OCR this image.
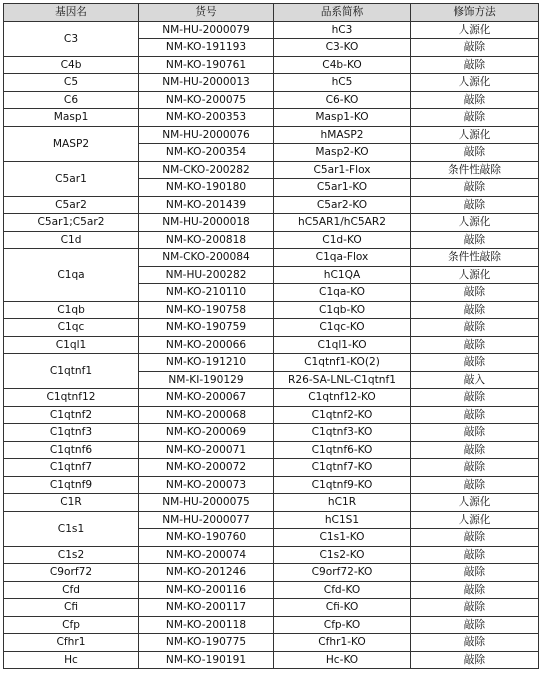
基因名	货号	品系简称	修饰方法
C3	NM-HU-2000079	hC3	人源化
	NM-KO-191193	C3-KO	敲除
C4b	NM-KO-190761	C4b-KO	敲除
C5	NM-HU-2000013	hC5	人源化
C6	NM-KO-200075	C6-KO	敲除
Masp1	NM-KO-200353	Masp1-KO	敲除
MASP2	NM-HU-2000076	hMASP2	人源化
	NM-KO-200354	Masp2-KO	敲除
C5ar1	NM-CKO-200282	C5ar1-Flox	条件性敲除
	NM-KO-190180	C5ar1-KO	敲除
C5ar2	NM-KO-201439	C5ar2-KO	敲除
C5ar1;C5ar2	NM-HU-2000018	hC5AR1/hC5AR2	人源化
C1d	NM-KO-200818	C1d-KO	敲除
C1qa	NM-CKO-200084	C1qa-Flox	条件性敲除
	NM-HU-200282	hC1QA	人源化
	NM-KO-210110	C1qa-KO	敲除
C1qb	NM-KO-190758	C1qb-KO	敲除
C1qc	NM-KO-190759	C1qc-KO	敲除
C1ql1	NM-KO-200066	C1ql1-KO	敲除
C1qtnf1	NM-KO-191210	C1qtnf1-KO(2)	敲除
	NM-KI-190129	R26-SA-LNL-C1qtnf1	敲入
C1qtnf12	NM-KO-200067	C1qtnf12-KO	敲除
C1qtnf2	NM-KO-200068	C1qtnf2-KO	敲除
C1qtnf3	NM-KO-200069	C1qtnf3-KO	敲除
C1qtnf6	NM-KO-200071	C1qtnf6-KO	敲除
C1qtnf7	NM-KO-200072	C1qtnf7-KO	敲除
C1qtnf9	NM-KO-200073	C1qtnf9-KO	敲除
C1R	NM-HU-2000075	hC1R	人源化
C1s1	NM-HU-2000077	hC1S1	人源化
	NM-KO-190760	C1s1-KO	敲除
C1s2	NM-KO-200074	C1s2-KO	敲除
C9orf72	NM-KO-201246	C9orf72-KO	敲除
Cfd	NM-KO-200116	Cfd-KO	敲除
Cfi	NM-KO-200117	Cfi-KO	敲除
Cfp	NM-KO-200118	Cfp-KO	敲除
Cfhr1	NM-KO-190775	Cfhr1-KO	敲除
Hc	NM-KO-190191	Hc-KO	敲除
